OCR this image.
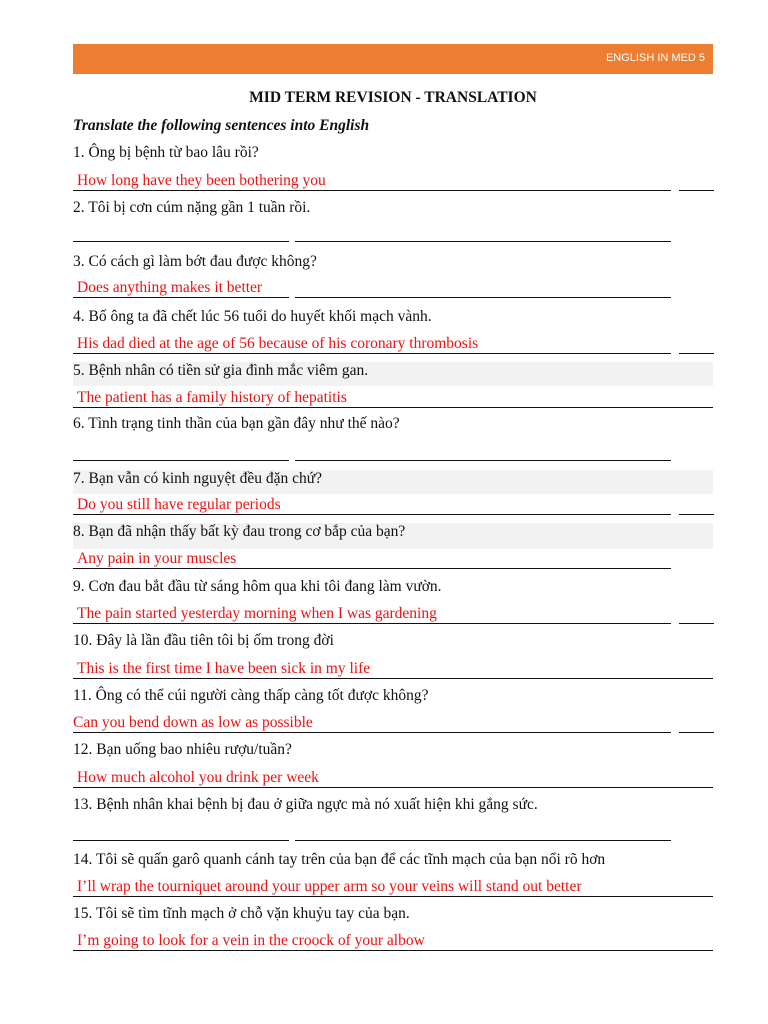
ENGLISH IN MED 5
MID TERM REVISION - TRANSLATION
Translate the following sentences into English
1. Ông bị bệnh từ bao lâu rồi?
How long have they been bothering you
2. Tôi bị cơn cúm nặng gần 1 tuần rồi.
3. Có cách gì làm bớt đau được không?
Does anything makes it better
4. Bố ông ta đã chết lúc 56 tuổi do huyết khối mạch vành.
His dad died at the age of 56 because of his coronary thrombosis
5. Bệnh nhân có tiền sử gia đình mắc viêm gan.
The patient has a family history of hepatitis
6. Tình trạng tinh thần của bạn gần đây như thế nào?
7. Bạn vẫn có kinh nguyệt đều đặn chứ?
Do you still have regular periods
8. Bạn đã nhận thấy bất kỳ đau trong cơ bắp của bạn?
Any pain in your muscles
9. Cơn đau bắt đầu từ sáng hôm qua khi tôi đang làm vườn.
The pain started yesterday morning when I was gardening
10. Đây là lần đầu tiên tôi bị ốm trong đời
This is the first time I have been sick in my life
11. Ông có thể cúi người càng thấp càng tốt được không?
Can you bend down as low as possible
12. Bạn uống bao nhiêu rượu/tuần?
How much alcohol you drink per week
13. Bệnh nhân khai bệnh bị đau ở giữa ngực mà nó xuất hiện khi gắng sức.
14. Tôi sẽ quấn garô quanh cánh tay trên của bạn để các tĩnh mạch của bạn nổi rõ hơn
I’ll wrap the tourniquet around your upper arm so your veins will stand out better
15. Tôi sẽ tìm tĩnh mạch ở chỗ vặn khuỷu tay của bạn.
I’m going to look for a vein in the croock of your albow
